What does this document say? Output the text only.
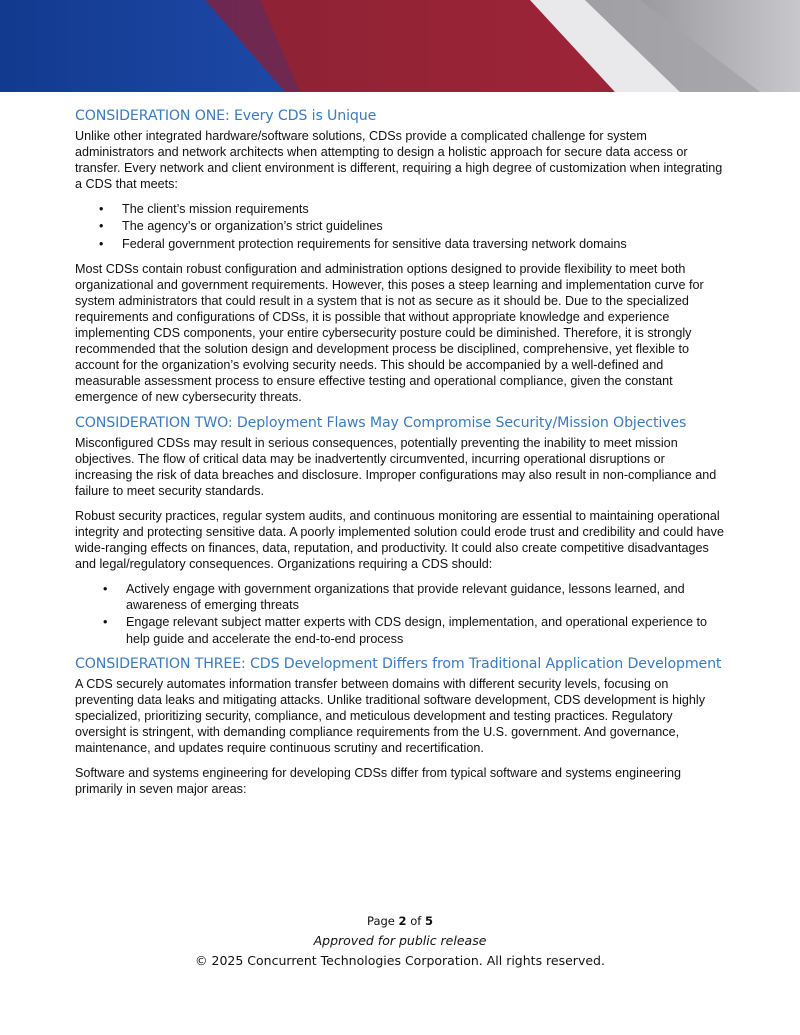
CONSIDERATION ONE: Every CDS is Unique

Unlike other integrated hardware/software solutions, CDSs provide a complicated challenge for system administrators and network architects when attempting to design a holistic approach for secure data access or transfer. Every network and client environment is different, requiring a high degree of customization when integrating a CDS that meets:

• The client’s mission requirements
• The agency’s or organization’s strict guidelines
• Federal government protection requirements for sensitive data traversing network domains

Most CDSs contain robust configuration and administration options designed to provide flexibility to meet both organizational and government requirements. However, this poses a steep learning and implementation curve for system administrators that could result in a system that is not as secure as it should be. Due to the specialized requirements and configurations of CDSs, it is possible that without appropriate knowledge and experience implementing CDS components, your entire cybersecurity posture could be diminished. Therefore, it is strongly recommended that the solution design and development process be disciplined, comprehensive, yet flexible to account for the organization’s evolving security needs. This should be accompanied by a well-defined and measurable assessment process to ensure effective testing and operational compliance, given the constant emergence of new cybersecurity threats.

CONSIDERATION TWO: Deployment Flaws May Compromise Security/Mission Objectives

Misconfigured CDSs may result in serious consequences, potentially preventing the inability to meet mission objectives. The flow of critical data may be inadvertently circumvented, incurring operational disruptions or increasing the risk of data breaches and disclosure. Improper configurations may also result in non-compliance and failure to meet security standards.

Robust security practices, regular system audits, and continuous monitoring are essential to maintaining operational integrity and protecting sensitive data. A poorly implemented solution could erode trust and credibility and could have wide-ranging effects on finances, data, reputation, and productivity. It could also create competitive disadvantages and legal/regulatory consequences. Organizations requiring a CDS should:

• Actively engage with government organizations that provide relevant guidance, lessons learned, and awareness of emerging threats
• Engage relevant subject matter experts with CDS design, implementation, and operational experience to help guide and accelerate the end-to-end process
CONSIDERATION THREE: CDS Development Differs from Traditional Application Development

A CDS securely automates information transfer between domains with different security levels, focusing on preventing data leaks and mitigating attacks. Unlike traditional software development, CDS development is highly specialized, prioritizing security, compliance, and meticulous development and testing practices. Regulatory oversight is stringent, with demanding compliance requirements from the U.S. government. And governance, maintenance, and updates require continuous scrutiny and recertification.

Software and systems engineering for developing CDSs differ from typical software and systems engineering primarily in seven major areas:

Page 2 of 5
Approved for public release
© 2025 Concurrent Technologies Corporation. All rights reserved.
